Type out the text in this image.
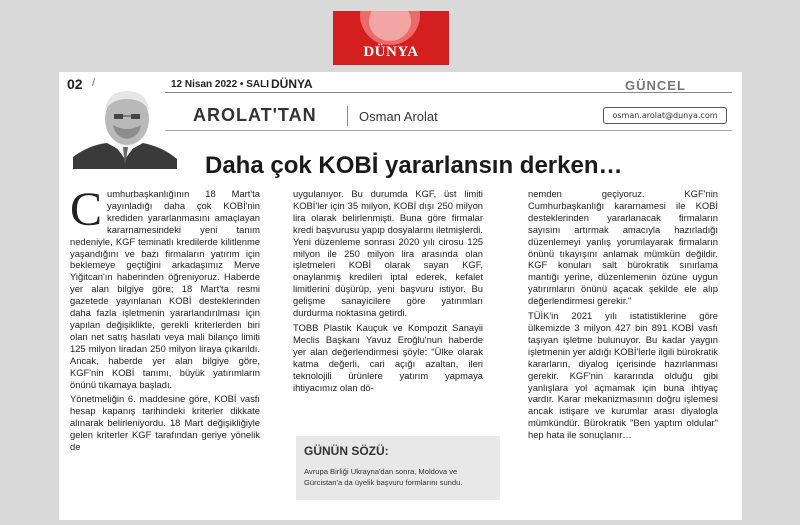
DÜNYA
02 /	12 Nisan 2022 • SALI DÜNYA	GÜNCEL
AROLAT'TAN	Osman Arolat	osman.arolat@dunya.com
Daha çok KOBİ yararlansın derken…

Cumhurbaşkanlığının 18 Mart'ta yayınladığı daha çok KOBİ'nin krediden yararlanmasını amaçlayan kararnamesindeki yeni tanım nedeniyle, KGF teminatlı kredilerde kilitlenme yaşandığını ve bazı firmaların yatırım için beklemeye geçtiğini arkadaşımız Merve Yiğitcan'ın haberinden öğreniyoruz. Haberde yer alan bilgiye göre; 18 Mart'ta resmi gazetede yayınlanan KOBİ desteklerinden daha fazla işletmenin yararlandırılması için yapılan değişiklikte, gerekli kriterlerden biri olan net satış hasılatı veya mali bilanço limiti 125 milyon liradan 250 milyon liraya çıkarıldı. Ancak, haberde yer alan bilgiye göre, KGF'nin KOBİ tanımı, büyük yatırımların önünü tıkamaya başladı.

Yönetmeliğin 6. maddesine göre, KOBİ vasfı hesap kapanış tarihindeki kriterler dikkate alınarak belirleniyordu. 18 Mart değişikliğiyle gelen kriterler KGF tarafından geriye yönelik de

uygulanıyor. Bu durumda KGF, üst limiti KOBİ'ler için 35 milyon, KOBİ dışı 250 milyon lira olarak belirlenmişti. Buna göre firmalar kredi başvurusu yapıp dosyalarını iletmişlerdi. Yeni düzenleme sonrası 2020 yılı cirosu 125 milyon ile 250 milyon lira arasında olan işletmeleri KOBİ olarak sayan KGF, onaylanmış kredileri iptal ederek, kefalet limitlerini düşürüp, yeni başvuru istiyor. Bu gelişme sanayicilere göre yatırımları durdurma noktasına getirdi.

TOBB Plastik Kauçuk ve Kompozit Sanayii Meclis Başkanı Yavuz Eroğlu'nun haberde yer alan değerlendirmesi şöyle: "Ülke olarak katma değerli, cari açığı azaltan, ileri teknolojili ürünlere yatırım yapmaya ihtiyacımız olan dö-

GÜNÜN SÖZÜ:
Avrupa Birliği Ukrayna'dan sonra, Moldova ve Gürcistan'a da üyelik başvuru formlarını sundu.

nemden geçiyoruz. KGF'nin Cumhurbaşkanlığı kararnamesi ile KOBİ desteklerinden yararlanacak firmaların sayısını artırmak amacıyla hazırladığı düzenlemeyi yanlış yorumlayarak firmaların önünü tıkayışını anlamak mümkün değildir. KGF konuları salt bürokratik sınırlama mantığı yerine, düzenlemenin özüne uygun yatırımların önünü açacak şekilde ele alıp değerlendirmesi gerekir."

TÜİK'in 2021 yılı istatistiklerine göre ülkemizde 3 milyon 427 bin 891 KOBİ vasfı taşıyan işletme bulunuyor. Bu kadar yaygın işletmenin yer aldığı KOBİ'lerle ilgili bürokratik kararların, diyalog içerisinde hazırlanması gerekir. KGF'nin kararında olduğu gibi yanlışlara yol açmamak için buna ihtiyaç vardır. Karar mekanizmasının doğru işlemesi ancak istişare ve kurumlar arası diyalogla mümkündür. Bürokratik "Ben yaptım oldular" hep hata ile sonuçlanır…
